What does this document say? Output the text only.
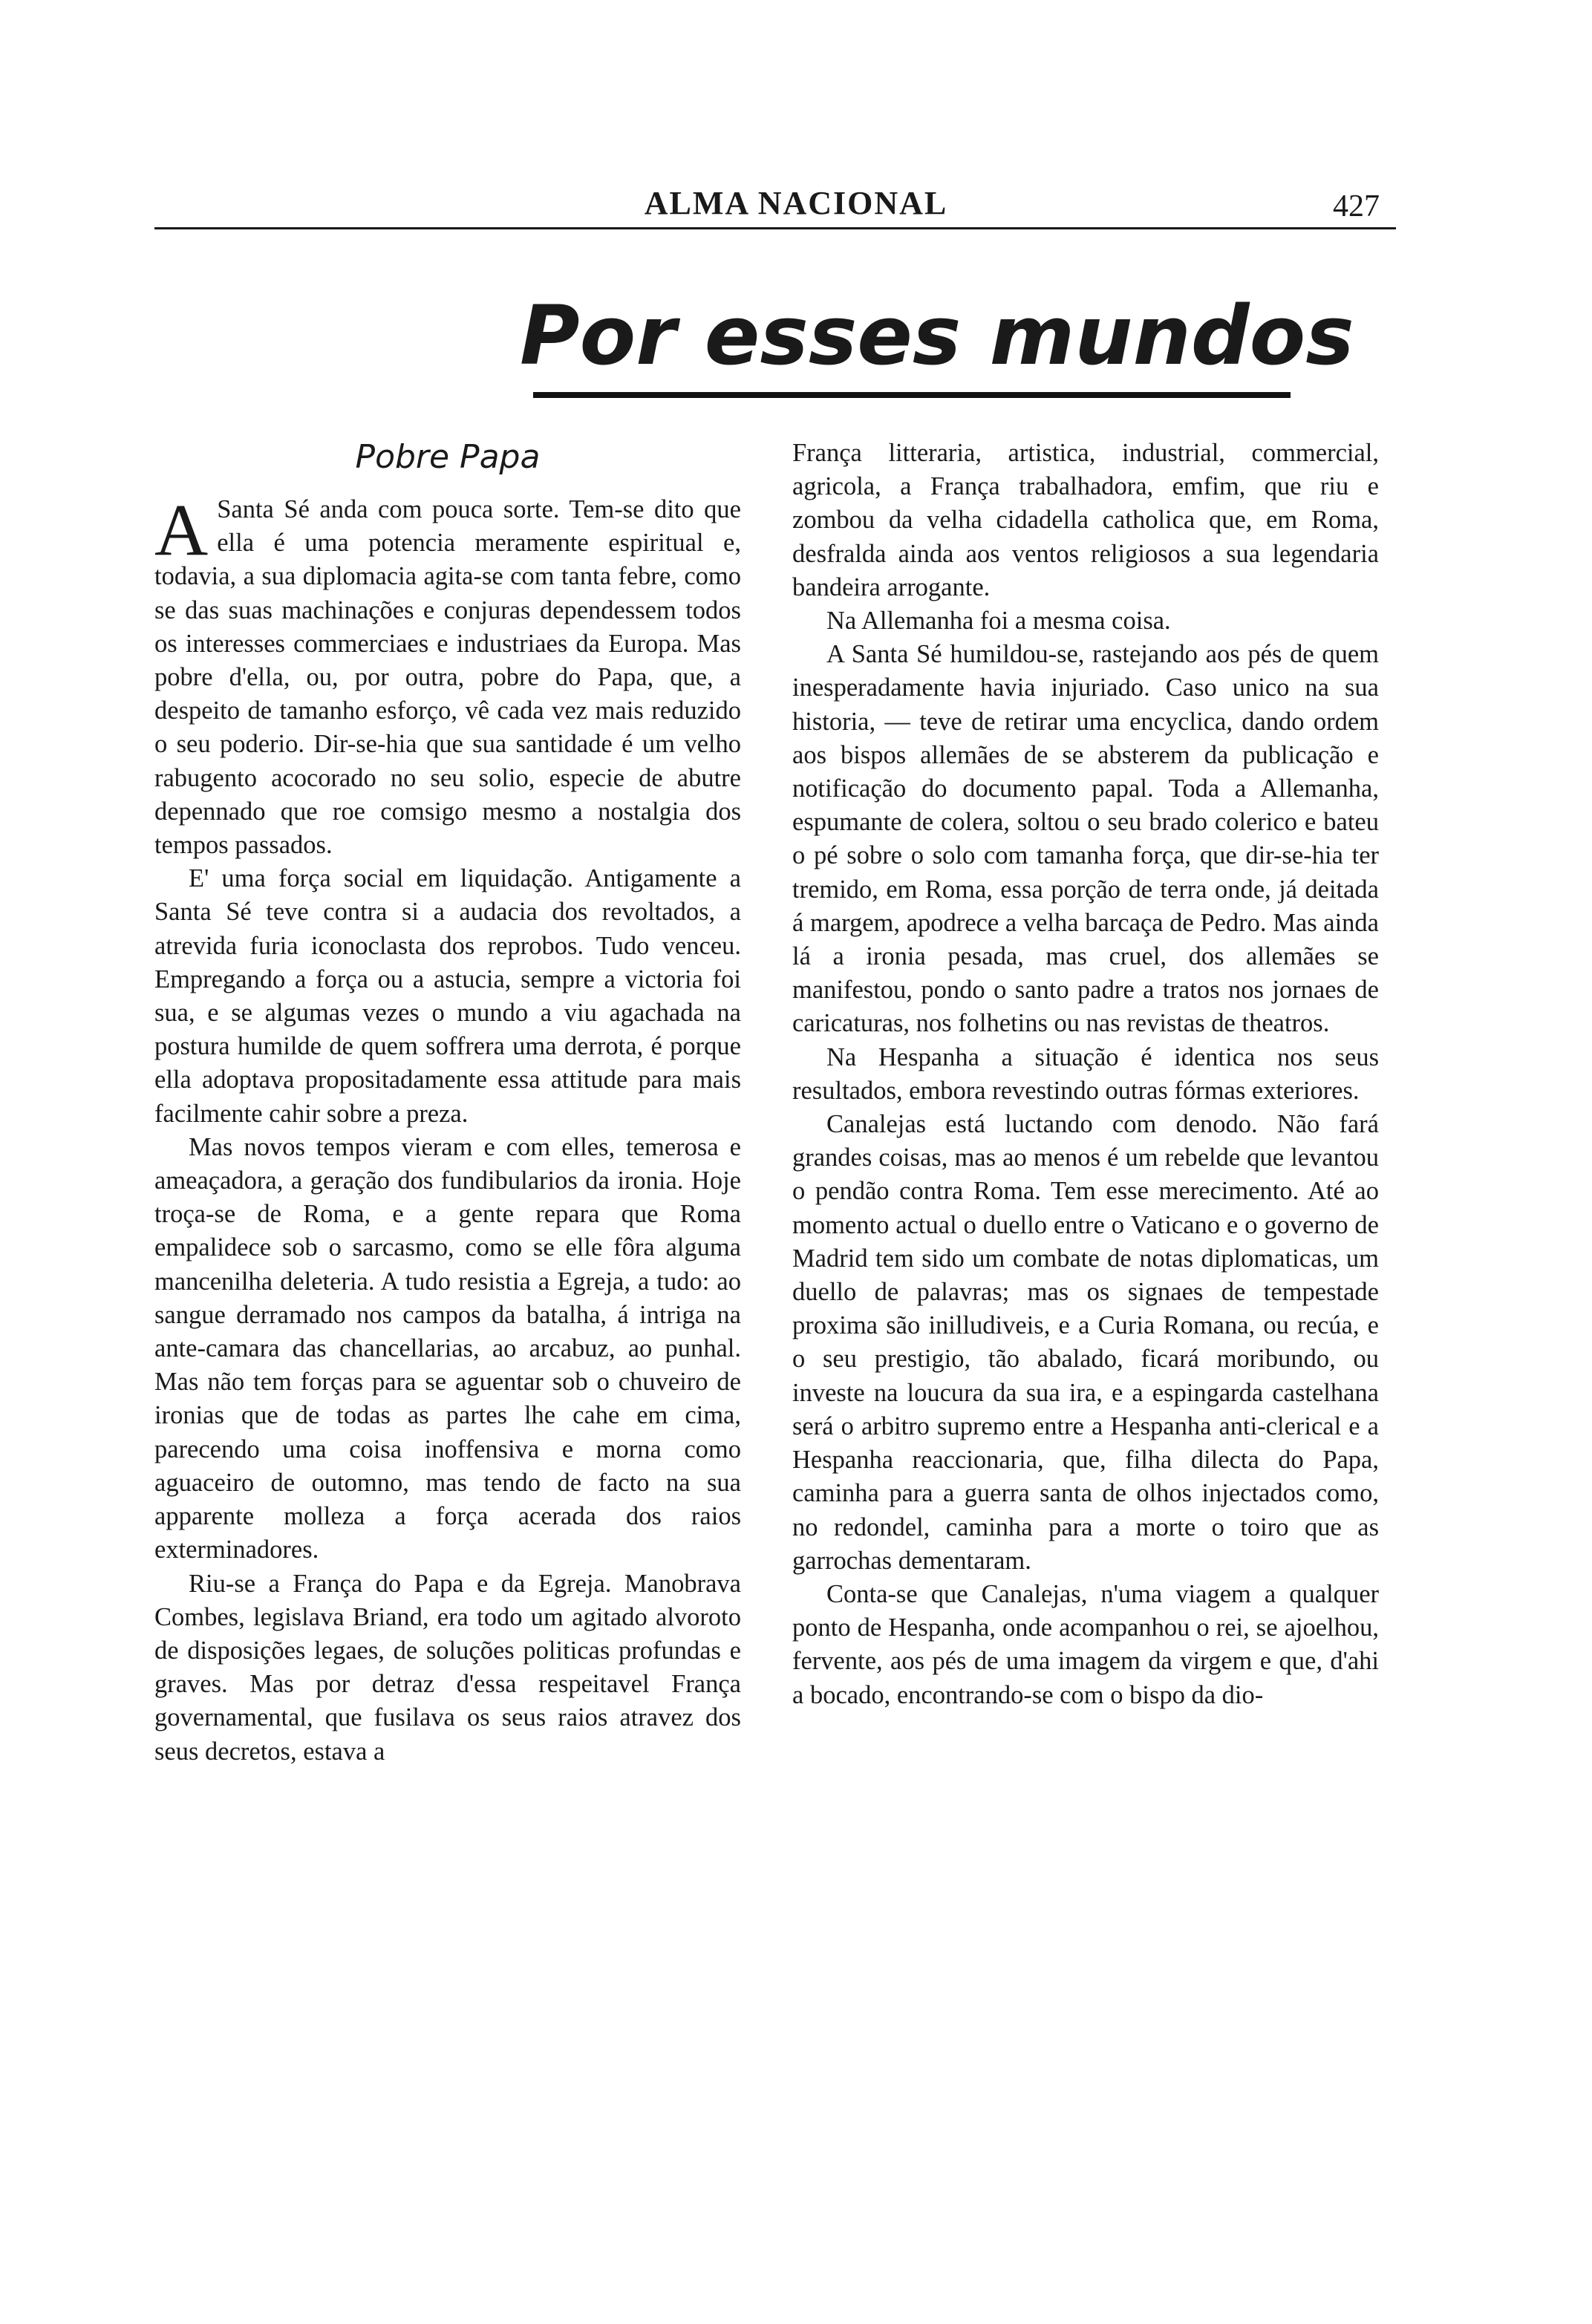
ALMA NACIONAL	427
Por esses mundos
Pobre Papa

A Santa Sé anda com pouca sorte. Tem-se dito que ella é uma potencia meramente espiritual e, todavia, a sua diplomacia agita-se com tanta febre, como se das suas machinações e conjuras dependessem todos os interesses commerciaes e industriaes da Europa. Mas pobre d'ella, ou, por outra, pobre do Papa, que, a despeito de tamanho esforço, vê cada vez mais reduzido o seu poderio. Dir-se-hia que sua santidade é um velho rabugento acocorado no seu solio, especie de abutre depennado que roe comsigo mesmo a nostalgia dos tempos passados.

E' uma força social em liquidação. Antigamente a Santa Sé teve contra si a audacia dos revoltados, a atrevida furia iconoclasta dos reprobos. Tudo venceu. Empregando a força ou a astucia, sempre a victoria foi sua, e se algumas vezes o mundo a viu agachada na postura humilde de quem soffrera uma derrota, é porque ella adoptava propositadamente essa attitude para mais facilmente cahir sobre a preza.

Mas novos tempos vieram e com elles, temerosa e ameaçadora, a geração dos fundibularios da ironia. Hoje troça-se de Roma, e a gente repara que Roma empalidece sob o sarcasmo, como se elle fôra alguma mancenilha deleteria. A tudo resistia a Egreja, a tudo: ao sangue derramado nos campos da batalha, á intriga na ante-camara das chancellarias, ao arcabuz, ao punhal. Mas não tem forças para se aguentar sob o chuveiro de ironias que de todas as partes lhe cahe em cima, parecendo uma coisa inoffensiva e morna como aguaceiro de outomno, mas tendo de facto na sua apparente molleza a força acerada dos raios exterminadores.

Riu-se a França do Papa e da Egreja. Manobrava Combes, legislava Briand, era todo um agitado alvoroto de disposições legaes, de soluções politicas profundas e graves. Mas por detraz d'essa respeitavel França governamental, que fusilava os seus raios atravez dos seus decretos, estava a

França litteraria, artistica, industrial, commercial, agricola, a França trabalhadora, emfim, que riu e zombou da velha cidadella catholica que, em Roma, desfralda ainda aos ventos religiosos a sua legendaria bandeira arrogante.

Na Allemanha foi a mesma coisa.

A Santa Sé humildou-se, rastejando aos pés de quem inesperadamente havia injuriado. Caso unico na sua historia, — teve de retirar uma encyclica, dando ordem aos bispos allemães de se absterem da publicação e notificação do documento papal. Toda a Allemanha, espumante de colera, soltou o seu brado colerico e bateu o pé sobre o solo com tamanha força, que dir-se-hia ter tremido, em Roma, essa porção de terra onde, já deitada á margem, apodrece a velha barcaça de Pedro. Mas ainda lá a ironia pesada, mas cruel, dos allemães se manifestou, pondo o santo padre a tratos nos jornaes de caricaturas, nos folhetins ou nas revistas de theatros.

Na Hespanha a situação é identica nos seus resultados, embora revestindo outras fórmas exteriores.

Canalejas está luctando com denodo. Não fará grandes coisas, mas ao menos é um rebelde que levantou o pendão contra Roma. Tem esse merecimento. Até ao momento actual o duello entre o Vaticano e o governo de Madrid tem sido um combate de notas diplomaticas, um duello de palavras; mas os signaes de tempestade proxima são inilludiveis, e a Curia Romana, ou recúa, e o seu prestigio, tão abalado, ficará moribundo, ou investe na loucura da sua ira, e a espingarda castelhana será o arbitro supremo entre a Hespanha anti-clerical e a Hespanha reaccionaria, que, filha dilecta do Papa, caminha para a guerra santa de olhos injectados como, no redondel, caminha para a morte o toiro que as garrochas dementaram.

Conta-se que Canalejas, n'uma viagem a qualquer ponto de Hespanha, onde acompanhou o rei, se ajoelhou, fervente, aos pés de uma imagem da virgem e que, d'ahi a bocado, encontrando-se com o bispo da dio-
